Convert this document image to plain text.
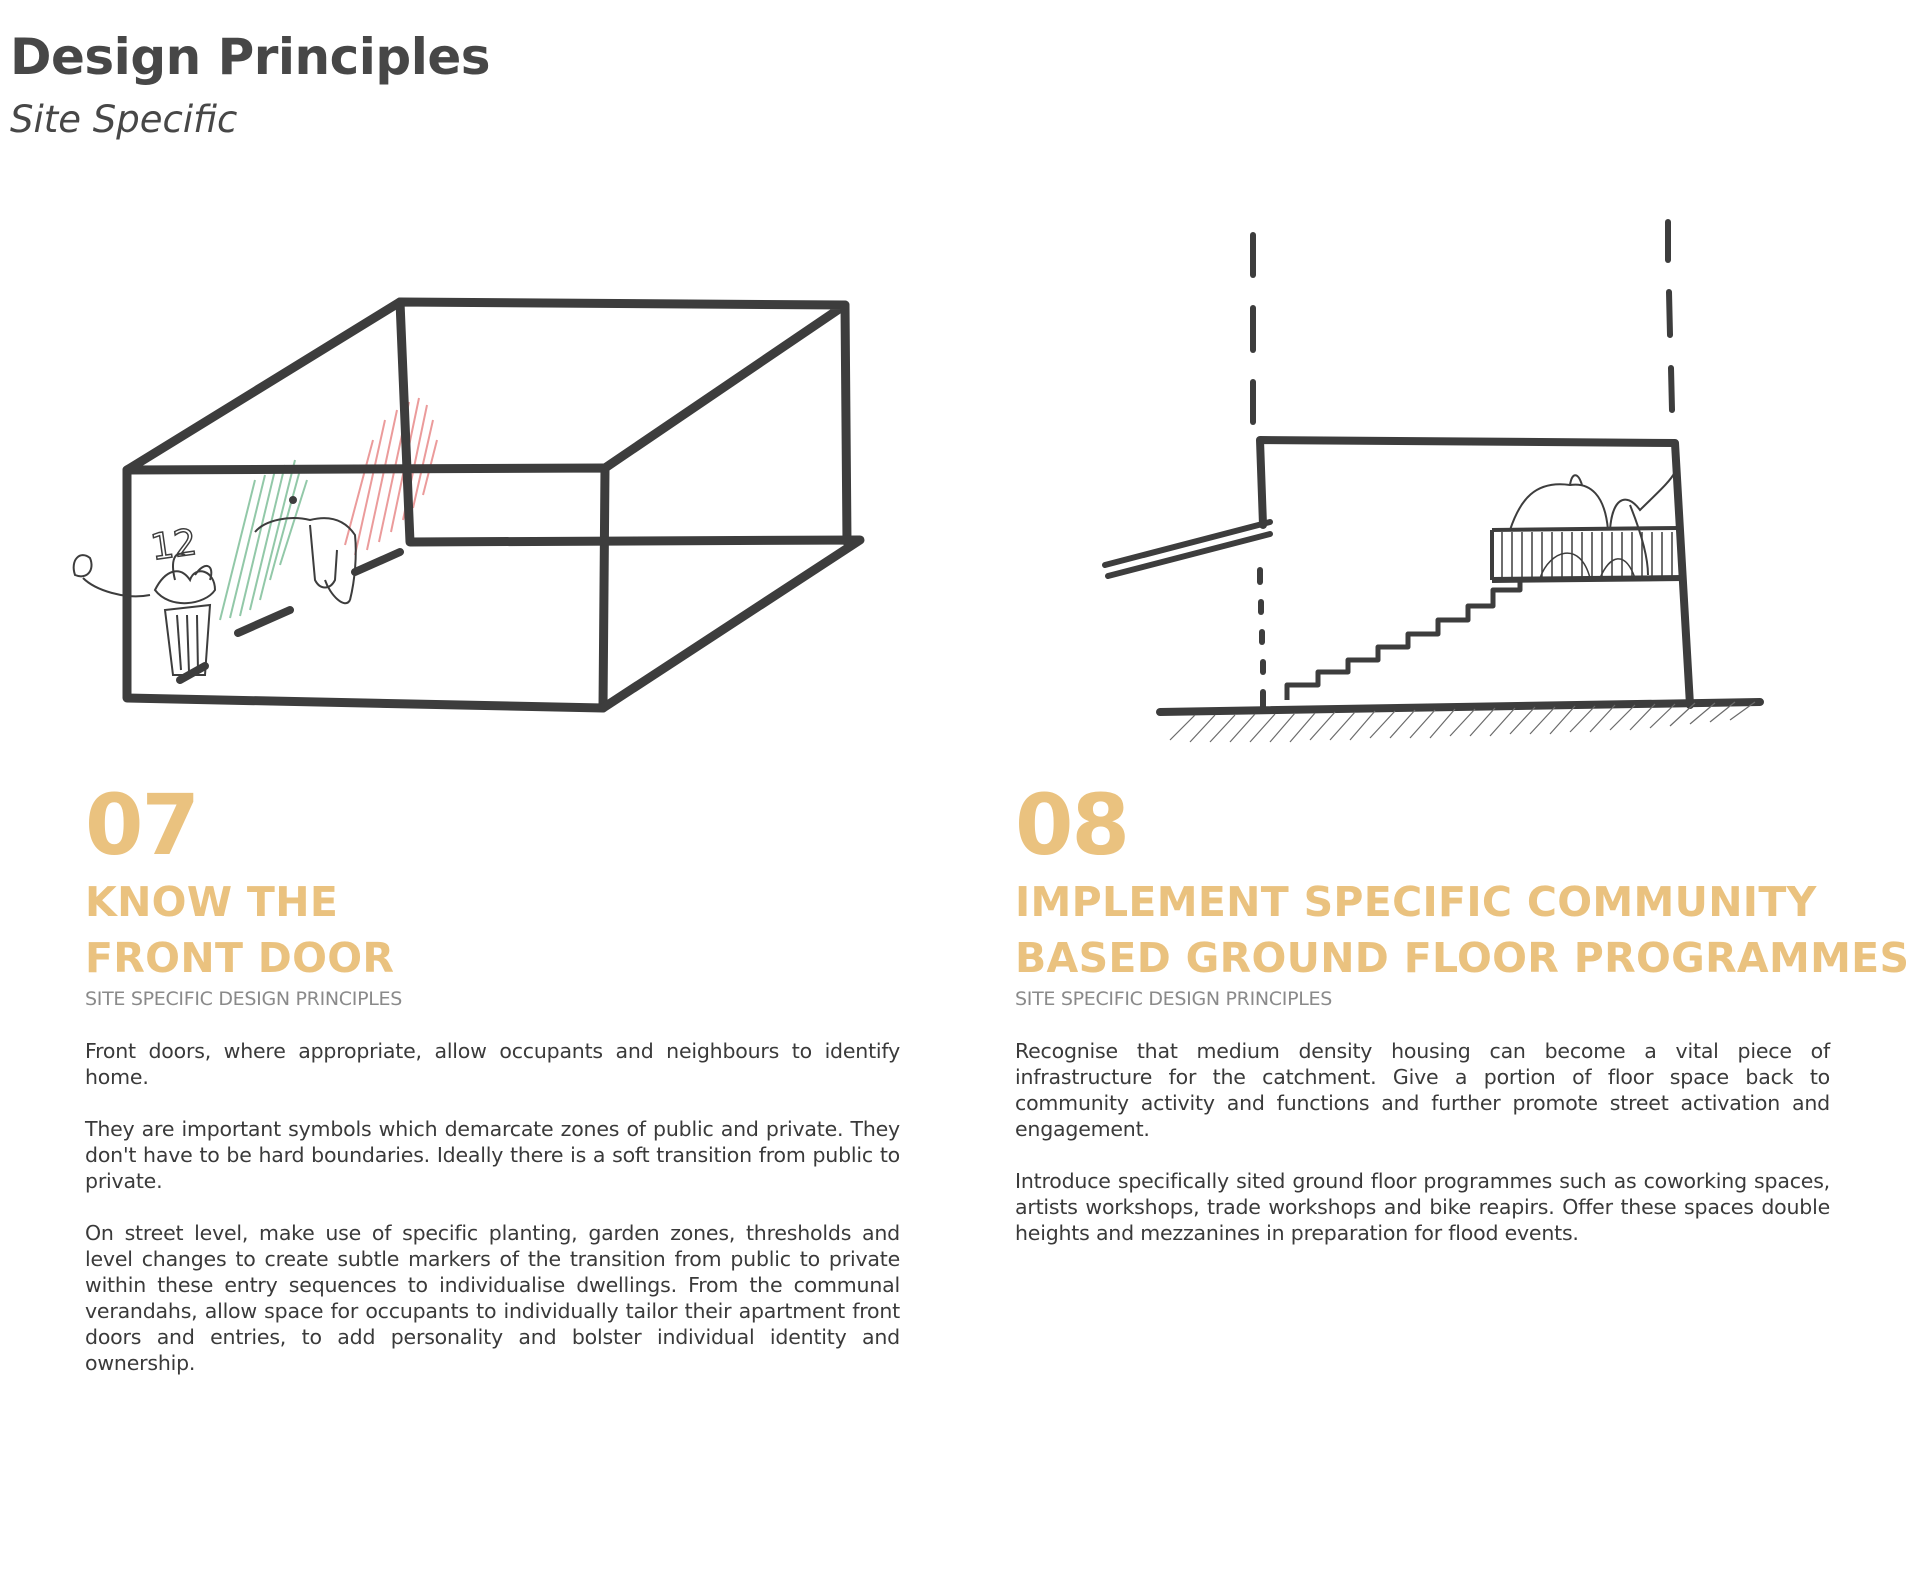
Design Principles
Site Specific
12
07
KNOW THE
FRONT DOOR
SITE SPECIFIC DESIGN PRINCIPLES

Front doors, where appropriate, allow occupants and neighbours to identify home.

They are important symbols which demarcate zones of public and private. They don't have to be hard boundaries. Ideally there is a soft transition from public to private.

On street level, make use of specific planting, garden zones, thresholds and level changes to create subtle markers of the transition from public to private within these entry sequences to individualise dwellings. From the communal verandahs, allow space for occupants to individually tailor their apartment front doors and entries, to add personality and bolster individual identity and ownership.

08
IMPLEMENT SPECIFIC COMMUNITY
BASED GROUND FLOOR PROGRAMMES
SITE SPECIFIC DESIGN PRINCIPLES

Recognise that medium density housing can become a vital piece of infrastructure for the catchment. Give a portion of floor space back to community activity and functions and further promote street activation and engagement.

Introduce specifically sited ground floor programmes such as coworking spaces, artists workshops, trade workshops and bike reapirs. Offer these spaces double heights and mezzanines in preparation for flood events.
